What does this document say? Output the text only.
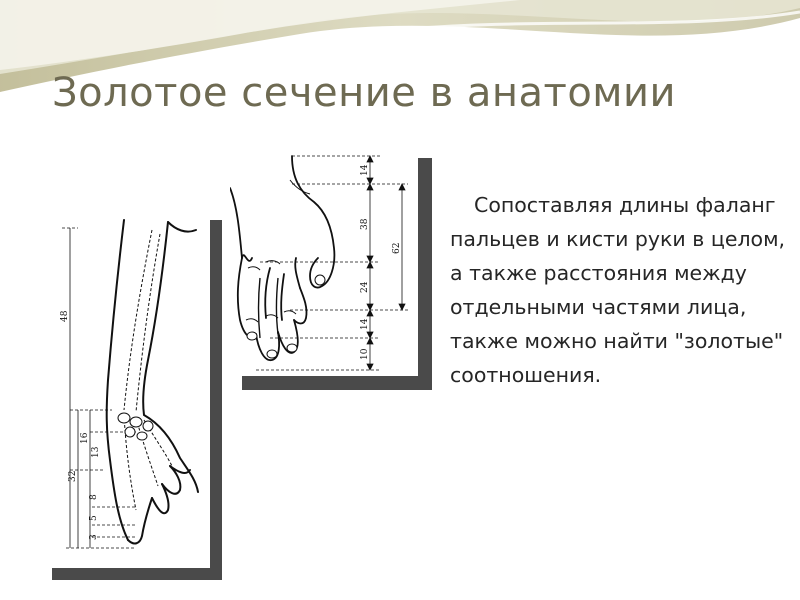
Золотое сечение в анатомии
48
32
16
13
8
5
3
14
38
24
14
10
62

Сопоставляя длины фаланг пальцев и кисти руки в целом, а также расстояния между отдельными частями лица, также можно найти "золотые" соотношения.
